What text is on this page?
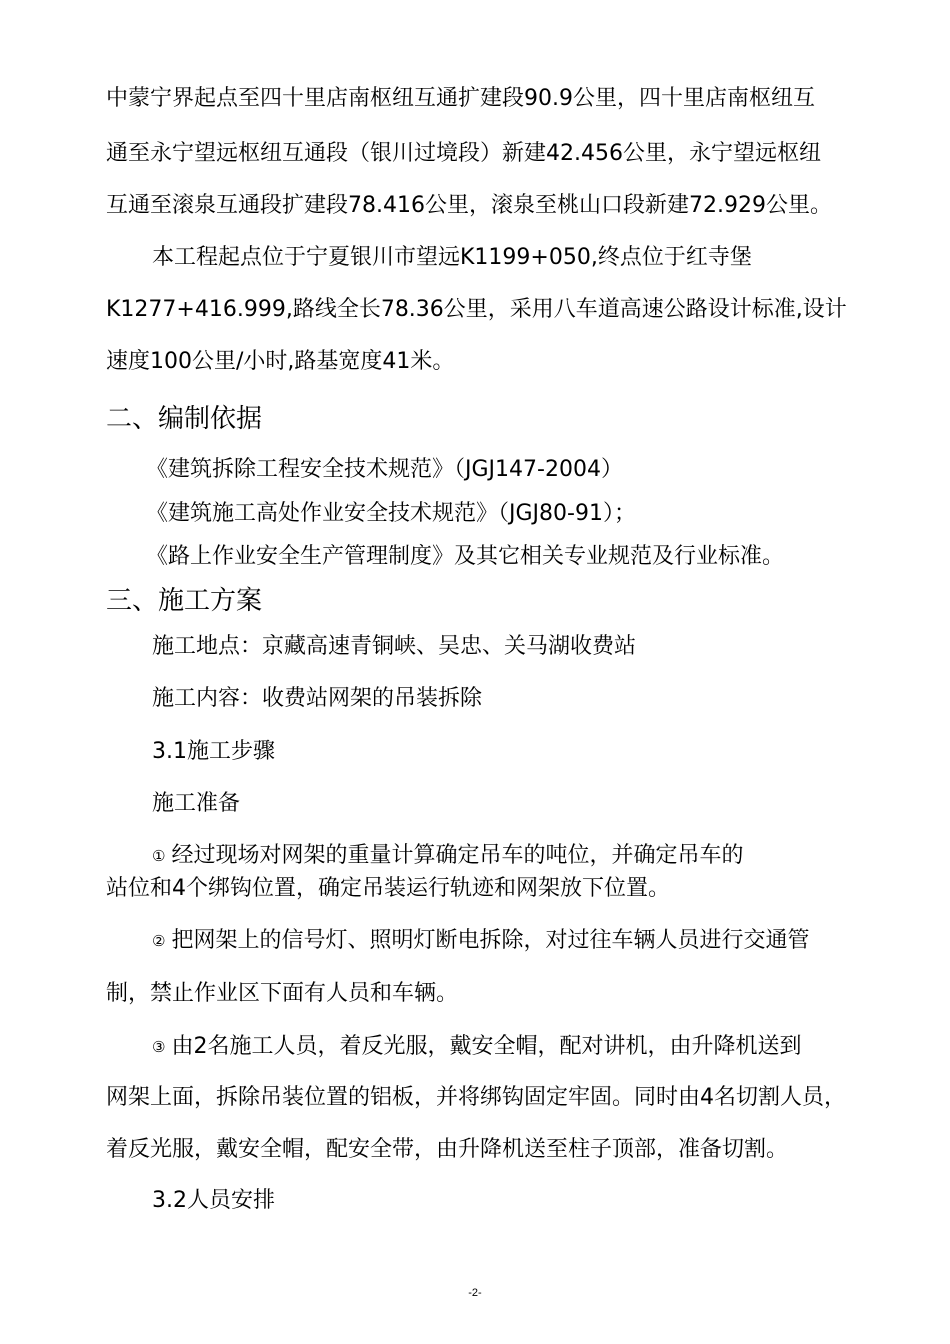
中蒙宁界起点至四十里店南枢纽互通扩建段90.9公里，四十里店南枢纽互
通至永宁望远枢纽互通段（银川过境段）新建42.456公里，永宁望远枢纽
互通至滚泉互通段扩建段78.416公里，滚泉至桃山口段新建72.929公里。
本工程起点位于宁夏银川市望远K1199+050,终点位于红寺堡
K1277+416.999,路线全长78.36公里，采用八车道高速公路设计标准,设计
速度100公里/小时,路基宽度41米。
二、编制依据
《建筑拆除工程安全技术规范》（JGJ147-2004）
《建筑施工高处作业安全技术规范》（JGJ80-91）；
《路上作业安全生产管理制度》及其它相关专业规范及行业标准。
三、施工方案
施工地点：京藏高速青铜峡、吴忠、关马湖收费站
施工内容：收费站网架的吊装拆除
3.1施工步骤
施工准备
① 经过现场对网架的重量计算确定吊车的吨位，并确定吊车的
站位和4个绑钩位置，确定吊装运行轨迹和网架放下位置。
② 把网架上的信号灯、照明灯断电拆除，对过往车辆人员进行交通管
制，禁止作业区下面有人员和车辆。
③ 由2名施工人员，着反光服，戴安全帽，配对讲机，由升降机送到
网架上面，拆除吊装位置的铝板，并将绑钩固定牢固。同时由4名切割人员，
着反光服，戴安全帽，配安全带，由升降机送至柱子顶部，准备切割。
3.2人员安排
-2-
